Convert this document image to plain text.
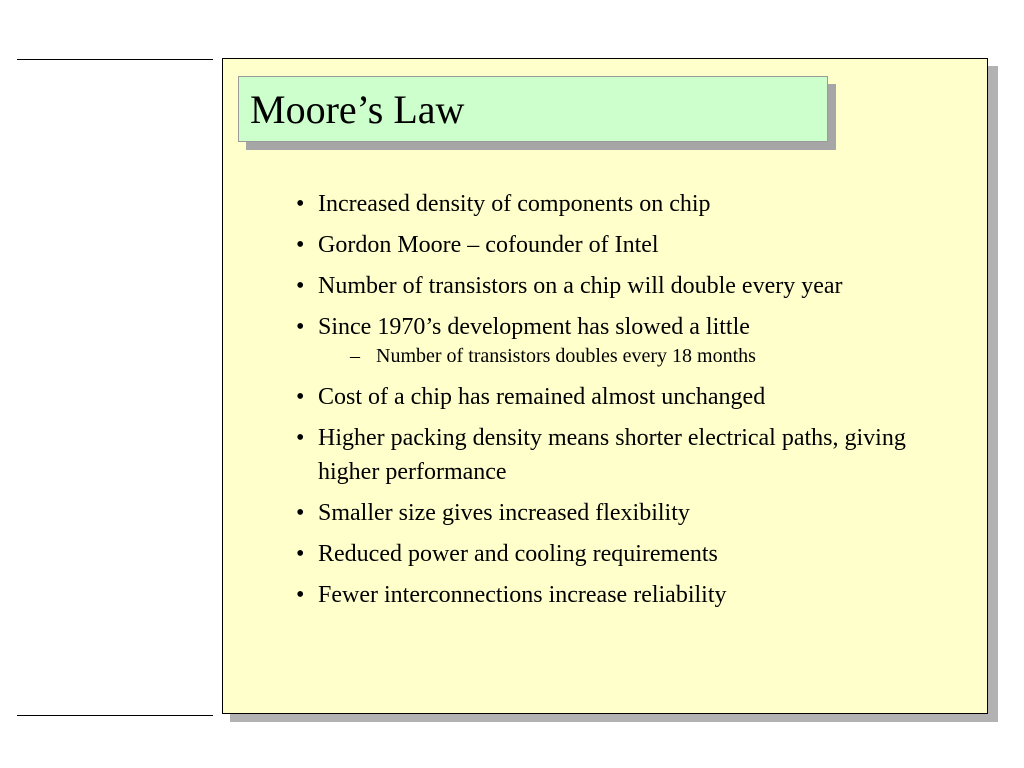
Moore’s Law
• Increased density of components on chip
• Gordon Moore – cofounder of Intel
• Number of transistors on a chip will double every year
• Since 1970’s development has slowed a little
– Number of transistors doubles every 18 months
• Cost of a chip has remained almost unchanged
• Higher packing density means shorter electrical paths, giving higher performance
• Smaller size gives increased flexibility
• Reduced power and cooling requirements
• Fewer interconnections increase reliability
